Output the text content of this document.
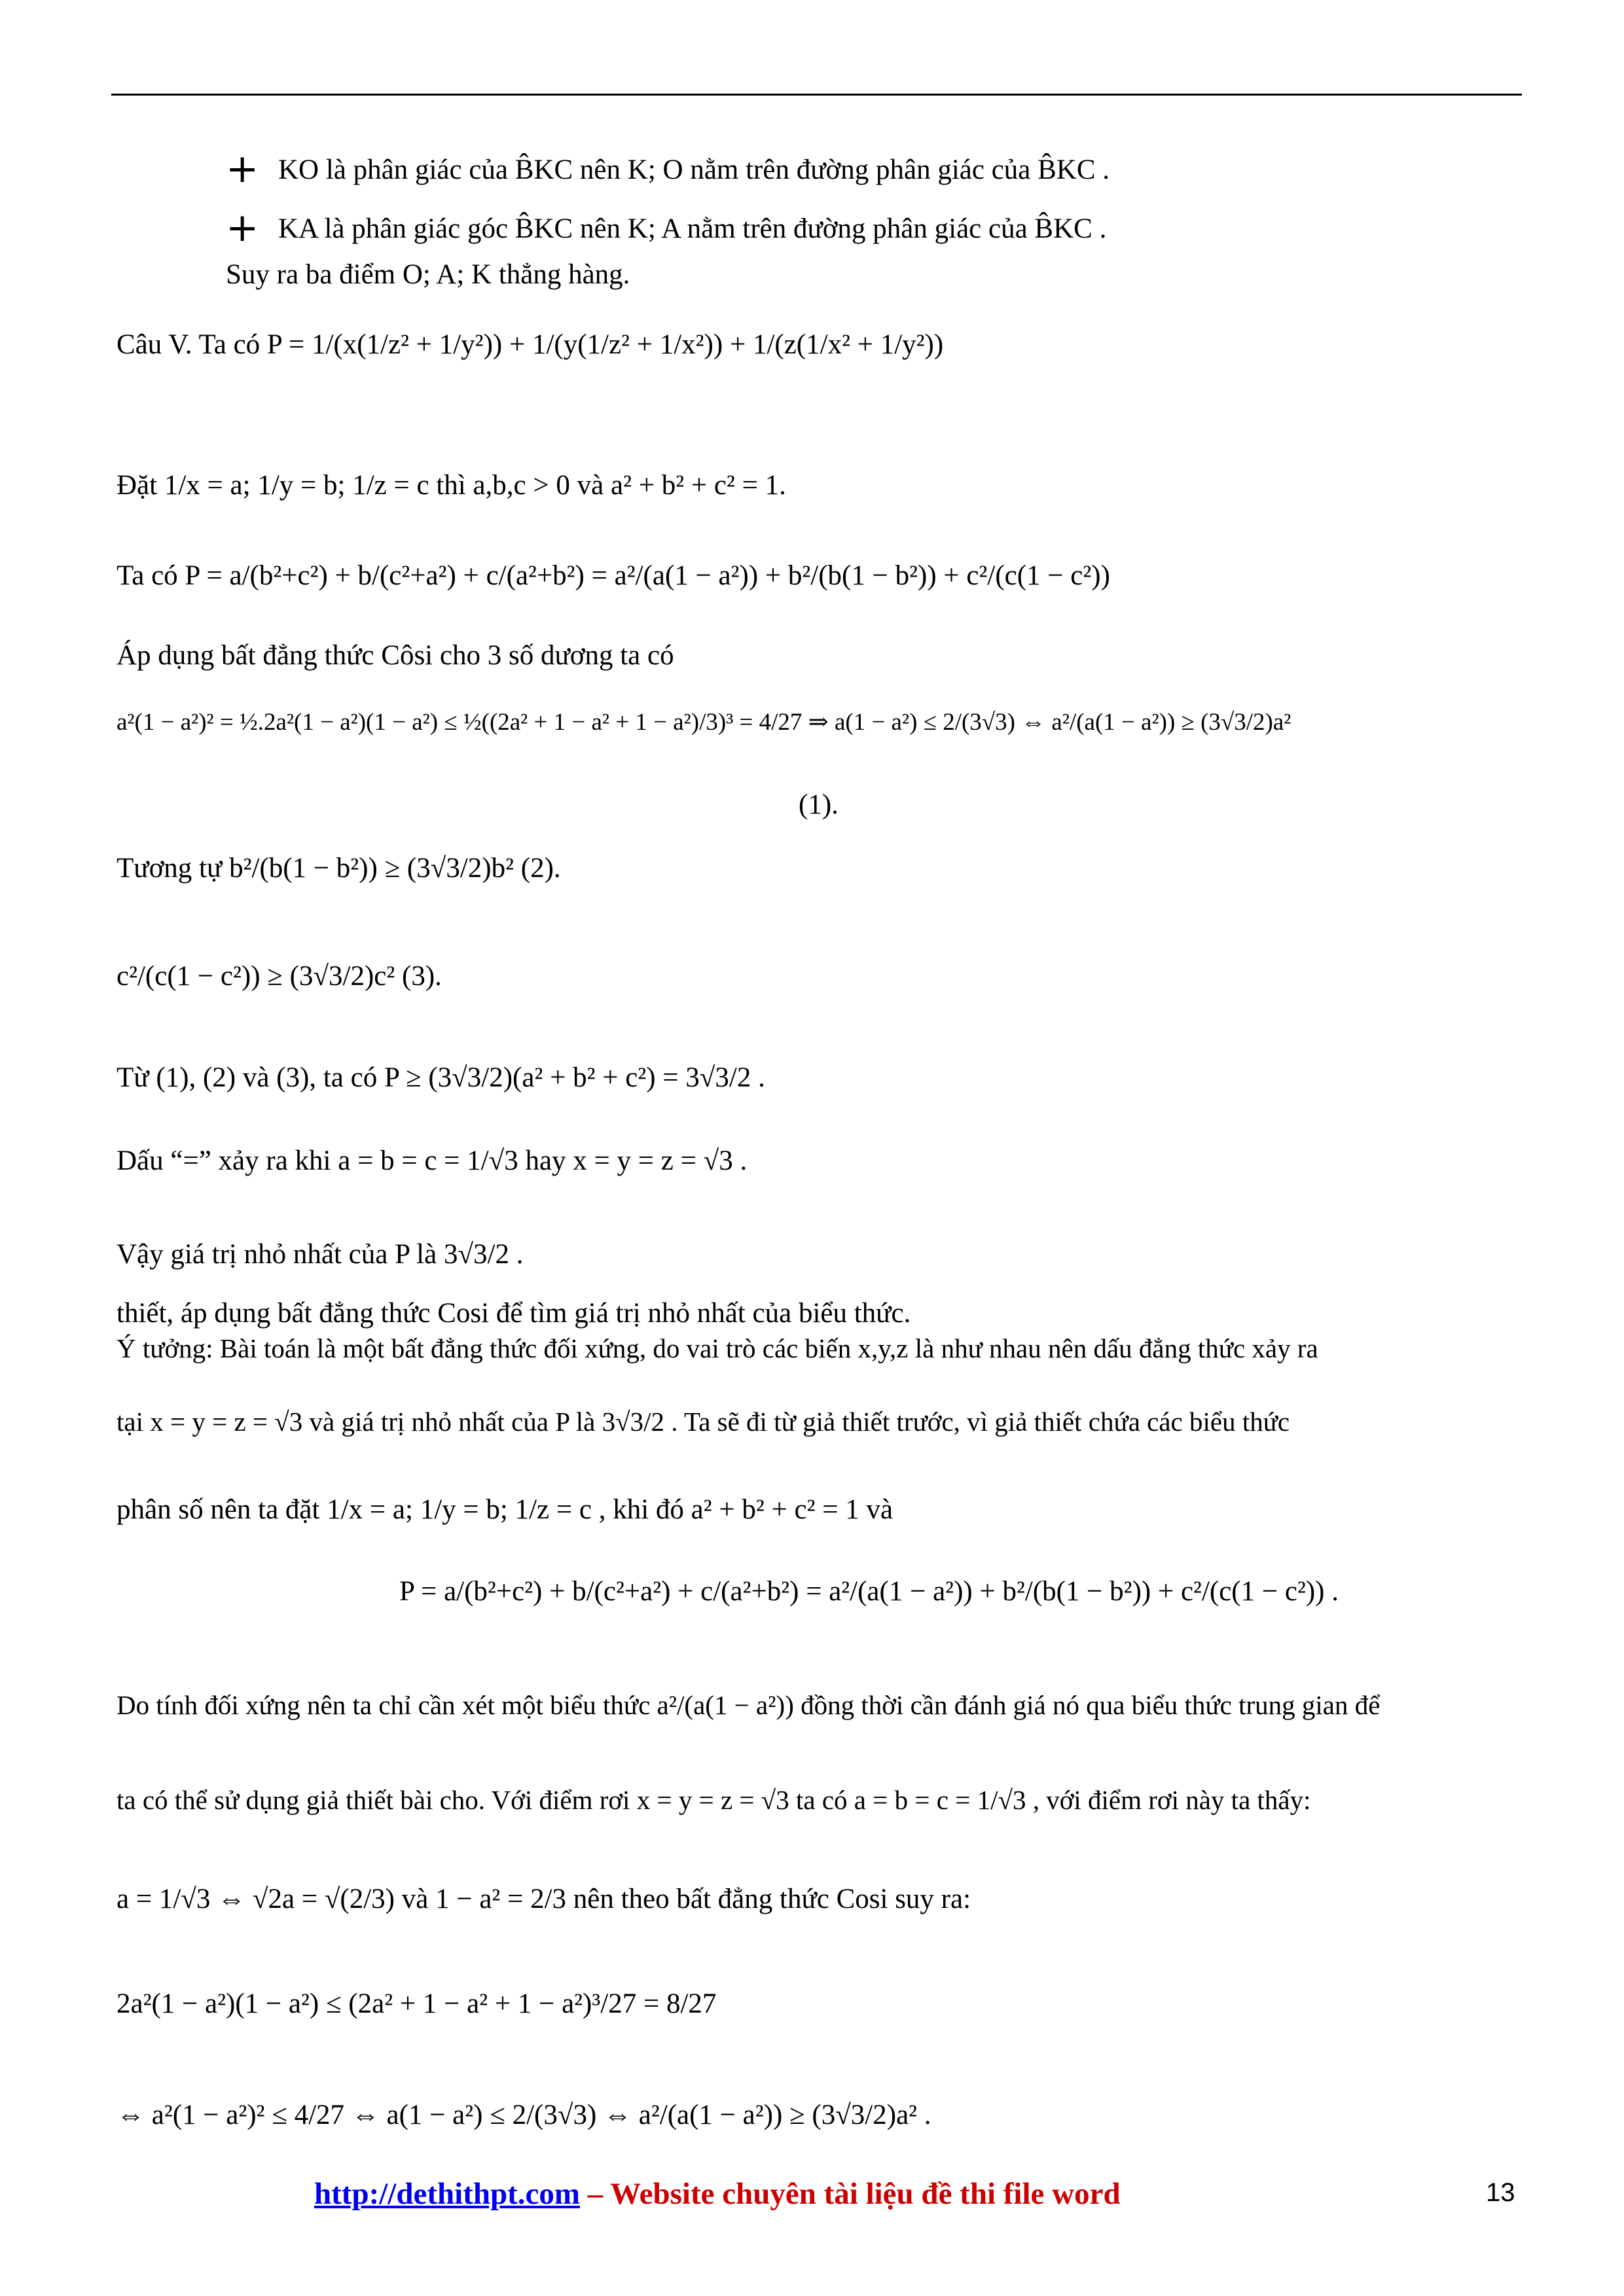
+ KO là phân giác của B̂KC nên K; O nằm trên đường phân giác của B̂KC .
+ KA là phân giác góc B̂KC nên K; A nằm trên đường phân giác của B̂KC .
Suy ra ba điểm O; A; K thẳng hàng.
Câu V. Ta có P = 1/(x(1/z² + 1/y²)) + 1/(y(1/z² + 1/x²)) + 1/(z(1/x² + 1/y²))
Đặt 1/x = a; 1/y = b; 1/z = c thì a,b,c > 0 và a² + b² + c² = 1.
Ta có P = a/(b²+c²) + b/(c²+a²) + c/(a²+b²) = a²/(a(1 − a²)) + b²/(b(1 − b²)) + c²/(c(1 − c²))
Áp dụng bất đẳng thức Côsi cho 3 số dương ta có
a²(1 − a²)² = ½.2a²(1 − a²)(1 − a²) ≤ ½((2a² + 1 − a² + 1 − a²)/3)³ = 4/27 ⇒ a(1 − a²) ≤ 2/(3√3) ⇔ a²/(a(1 − a²)) ≥ (3√3/2)a²
(1).
Tương tự b²/(b(1 − b²)) ≥ (3√3/2)b² (2).
c²/(c(1 − c²)) ≥ (3√3/2)c² (3).
Từ (1), (2) và (3), ta có P ≥ (3√3/2)(a² + b² + c²) = 3√3/2 .
Dấu “=” xảy ra khi a = b = c = 1/√3 hay x = y = z = √3 .
Vậy giá trị nhỏ nhất của P là 3√3/2 .
thiết, áp dụng bất đẳng thức Cosi để tìm giá trị nhỏ nhất của biểu thức.
Ý tưởng: Bài toán là một bất đẳng thức đối xứng, do vai trò các biến x,y,z là như nhau nên dấu đẳng thức xảy ra
tại x = y = z = √3 và giá trị nhỏ nhất của P là 3√3/2 . Ta sẽ đi từ giả thiết trước, vì giả thiết chứa các biểu thức
phân số nên ta đặt 1/x = a; 1/y = b; 1/z = c , khi đó a² + b² + c² = 1 và
P = a/(b²+c²) + b/(c²+a²) + c/(a²+b²) = a²/(a(1 − a²)) + b²/(b(1 − b²)) + c²/(c(1 − c²)) .
Do tính đối xứng nên ta chỉ cần xét một biểu thức a²/(a(1 − a²)) đồng thời cần đánh giá nó qua biểu thức trung gian để
ta có thể sử dụng giả thiết bài cho. Với điểm rơi x = y = z = √3 ta có a = b = c = 1/√3 , với điểm rơi này ta thấy:
a = 1/√3 ⇔ √2a = √(2/3) và 1 − a² = 2/3 nên theo bất đẳng thức Cosi suy ra:
2a²(1 − a²)(1 − a²) ≤ (2a² + 1 − a² + 1 − a²)³/27 = 8/27
⇔ a²(1 − a²)² ≤ 4/27 ⇔ a(1 − a²) ≤ 2/(3√3) ⇔ a²/(a(1 − a²)) ≥ (3√3/2)a² .
http://dethithpt.com – Website chuyên tài liệu đề thi file word	13
